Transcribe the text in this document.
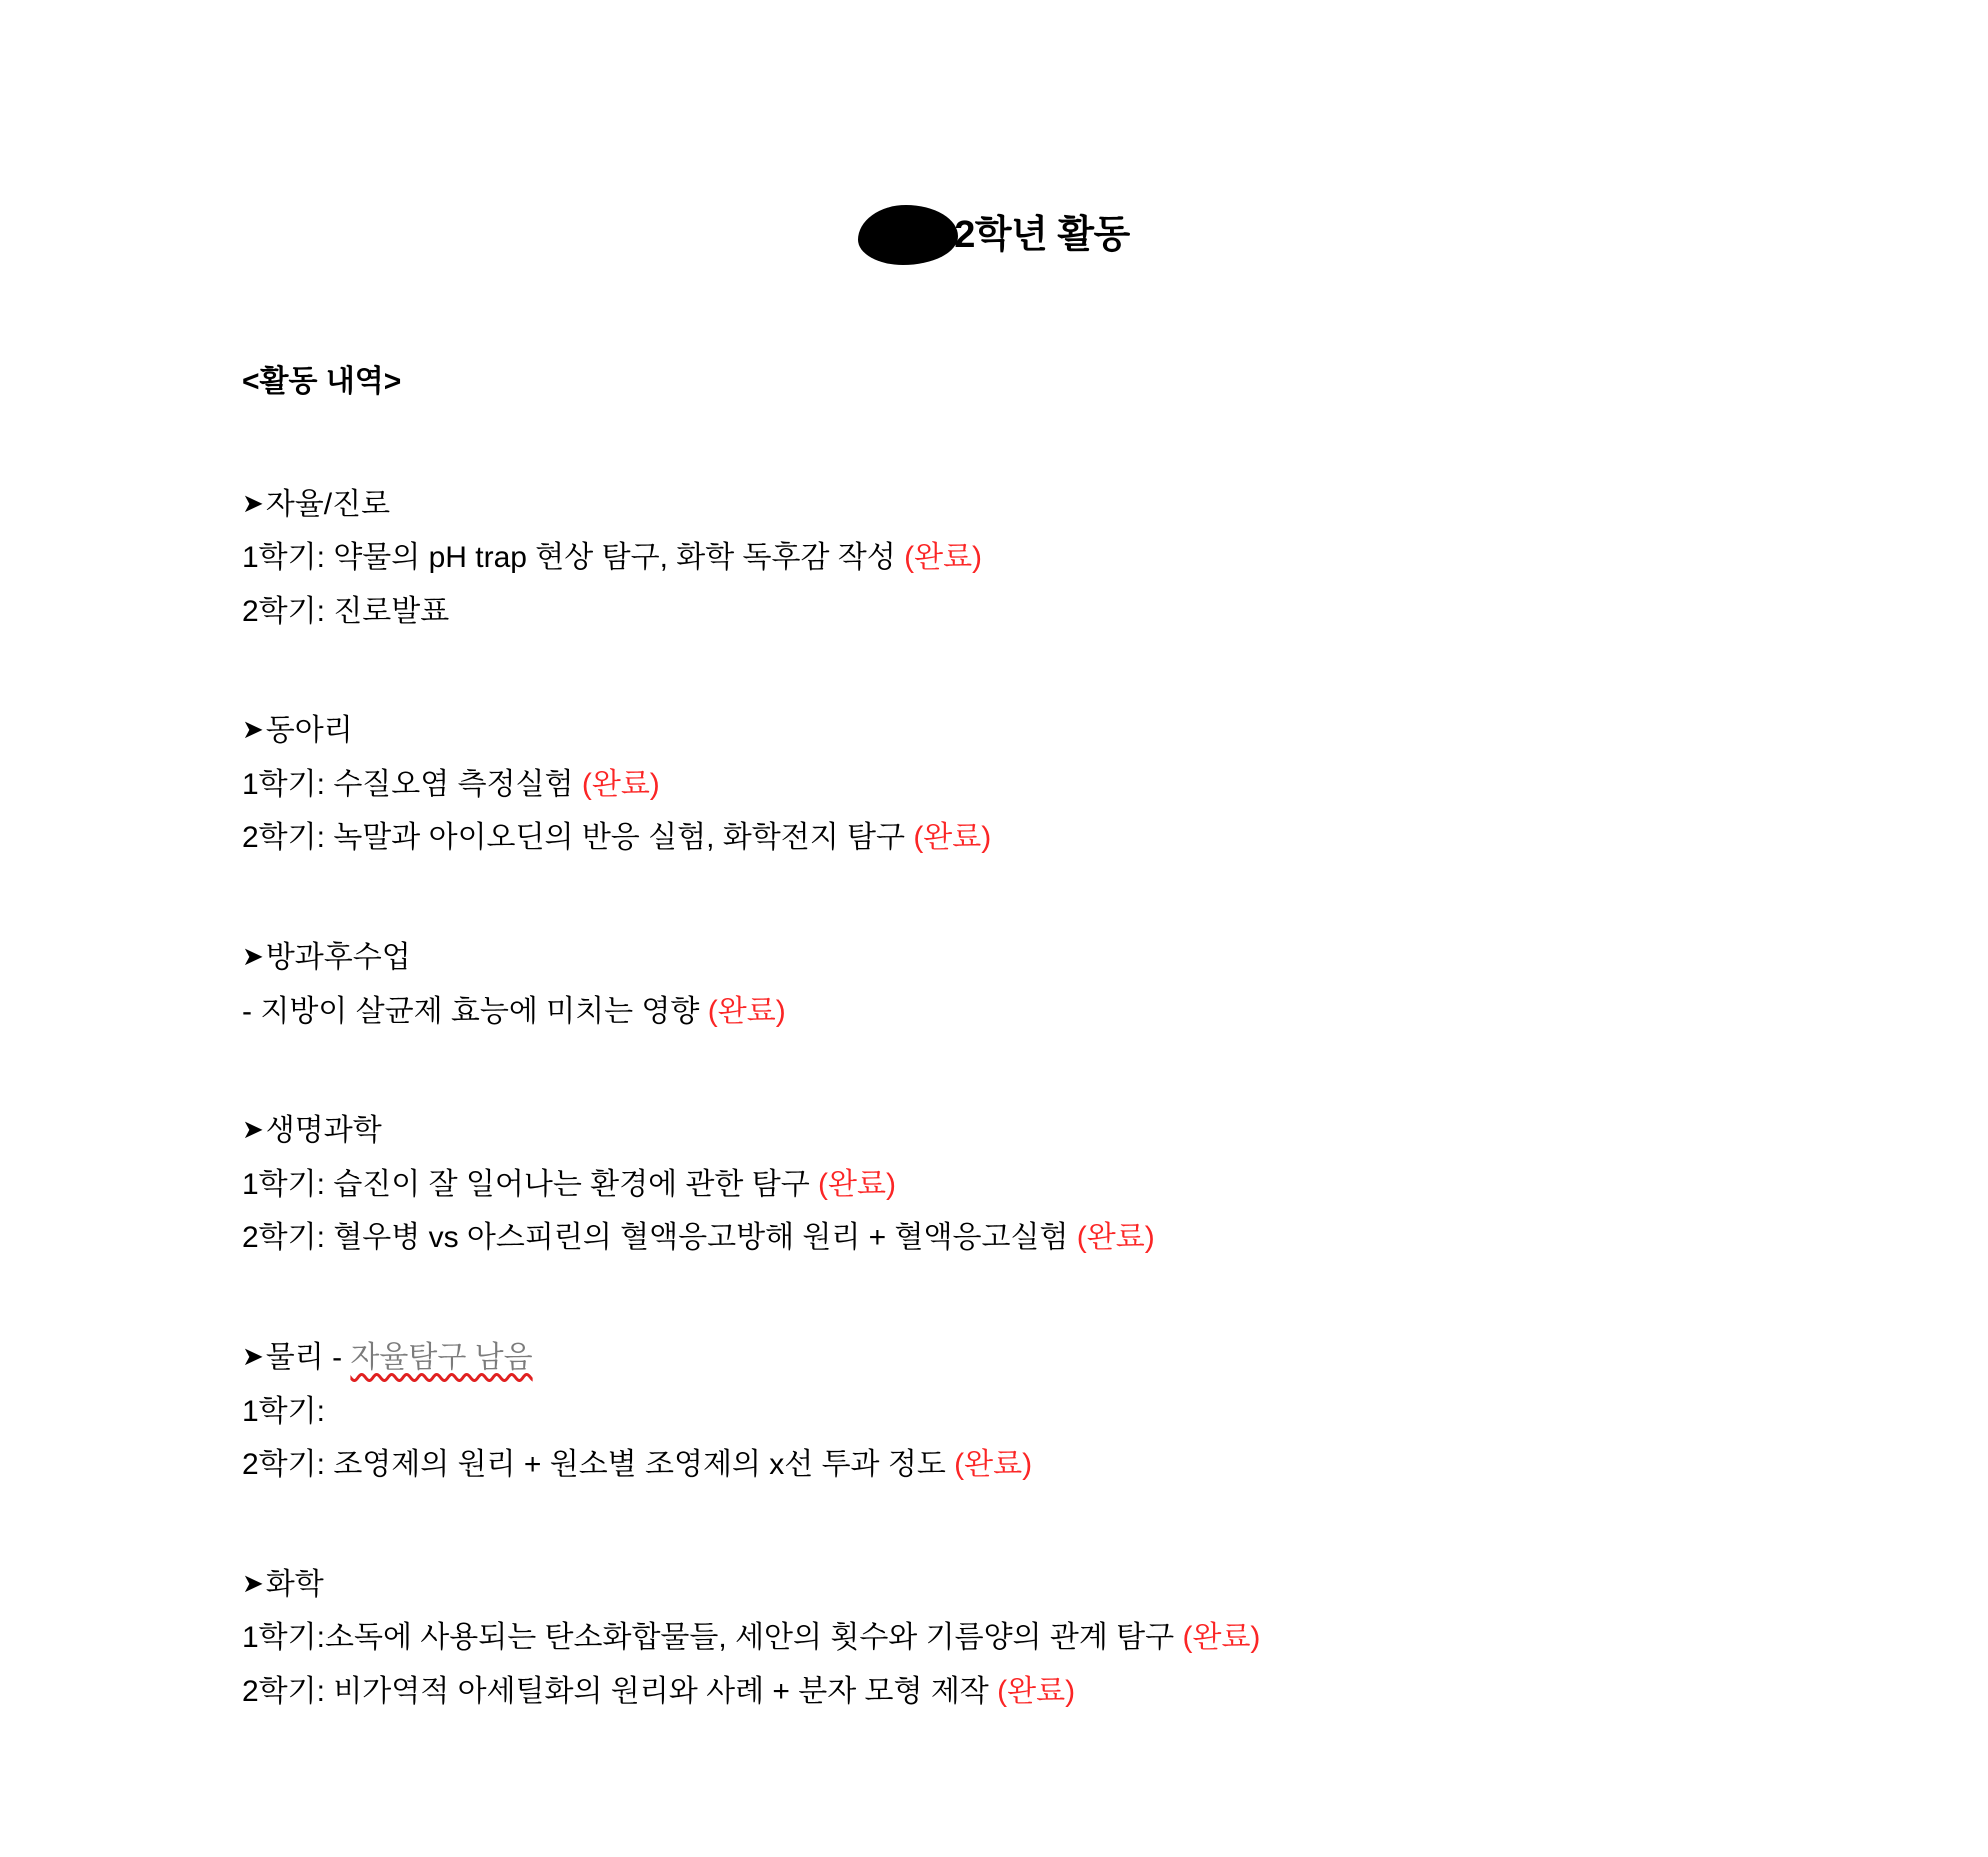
2학년 활동
<활동 내역>
➤자율/진로
1학기: 약물의 pH trap 현상 탐구, 화학 독후감 작성 (완료)
2학기: 진로발표
➤동아리
1학기: 수질오염 측정실험 (완료)
2학기: 녹말과 아이오딘의 반응 실험, 화학전지 탐구 (완료)
➤방과후수업
- 지방이 살균제 효능에 미치는 영향 (완료)
➤생명과학
1학기: 습진이 잘 일어나는 환경에 관한 탐구 (완료)
2학기: 혈우병 vs 아스피린의 혈액응고방해 원리 + 혈액응고실험 (완료)
➤물리 - 자율탐구 남음
1학기:
2학기: 조영제의 원리 + 원소별 조영제의 x선 투과 정도 (완료)
➤화학
1학기:소독에 사용되는 탄소화합물들, 세안의 횟수와 기름양의 관계 탐구 (완료)
2학기: 비가역적 아세틸화의 원리와 사례 + 분자 모형 제작 (완료)
